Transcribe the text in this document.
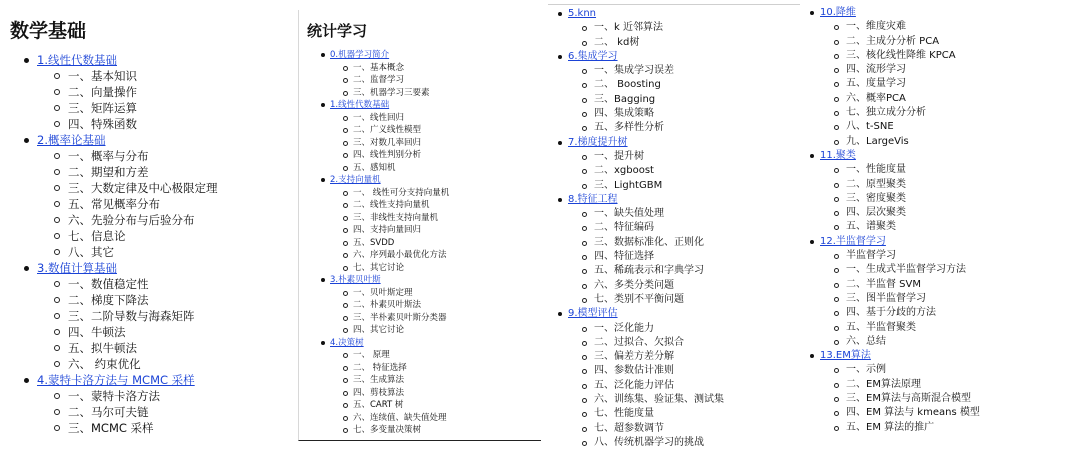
数学基础
1.线性代数基础
一、基本知识
二、向量操作
三、矩阵运算
四、特殊函数
2.概率论基础
一、概率与分布
二、期望和方差
三、大数定律及中心极限定理
五、常见概率分布
六、先验分布与后验分布
七、信息论
八、其它
3.数值计算基础
一、数值稳定性
二、梯度下降法
三、二阶导数与海森矩阵
四、牛顿法
五、拟牛顿法
六、 约束优化
4.蒙特卡洛方法与 MCMC 采样
一、蒙特卡洛方法
二、马尔可夫链
三、MCMC 采样
统计学习
0.机器学习简介
一、基本概念
二、监督学习
三、机器学习三要素
1.线性代数基础
一、线性回归
二、广义线性模型
三、对数几率回归
四、线性判别分析
五、感知机
2.支持向量机
一、 线性可分支持向量机
二、线性支持向量机
三、非线性支持向量机
四、支持向量回归
五、SVDD
六、序列最小最优化方法
七、其它讨论
3.朴素贝叶斯
一、贝叶斯定理
二、朴素贝叶斯法
三、半朴素贝叶斯分类器
四、其它讨论
4.决策树
一、 原理
二、 特征选择
三、生成算法
四、剪枝算法
五、CART 树
六、连续值、缺失值处理
七、多变量决策树
5.knn
一、k 近邻算法
二、 kd树
6.集成学习
一、集成学习误差
二、 Boosting
三、Bagging
四、集成策略
五、多样性分析
7.梯度提升树
一、提升树
二、xgboost
三、LightGBM
8.特征工程
一、缺失值处理
二、特征编码
三、数据标准化、正则化
四、特征选择
五、稀疏表示和字典学习
六、多类分类问题
七、类别不平衡问题
9.模型评估
一、泛化能力
二、过拟合、欠拟合
三、偏差方差分解
四、参数估计准则
五、泛化能力评估
六、训练集、验证集、测试集
七、性能度量
七、超参数调节
八、传统机器学习的挑战
10.降维
一、维度灾难
二、主成分分析 PCA
三、核化线性降维 KPCA
四、流形学习
五、度量学习
六、概率PCA
七、独立成分分析
八、t-SNE
九、LargeVis
11.聚类
一、性能度量
二、原型聚类
三、密度聚类
四、层次聚类
五、谱聚类
12.半监督学习
半监督学习
一、生成式半监督学习方法
二、半监督 SVM
三、图半监督学习
四、基于分歧的方法
五、半监督聚类
六、总结
13.EM算法
一、示例
二、EM算法原理
三、EM算法与高斯混合模型
四、EM 算法与 kmeans 模型
五、EM 算法的推广
